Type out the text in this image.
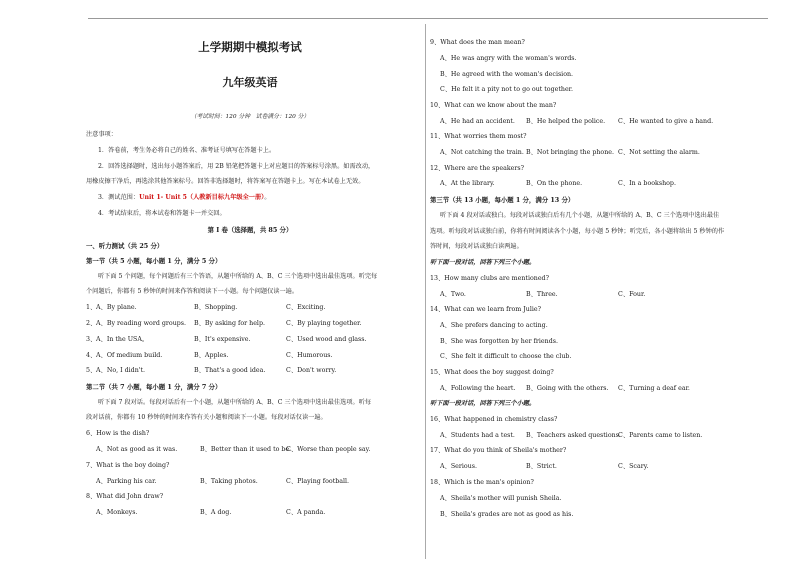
上学期期中模拟考试
九年级英语
（考试时间：120 分钟　试卷满分：120 分）
注意事项：
1．答卷前，考生务必将自己的姓名、准考证号填写在答题卡上。
2．回答选择题时，选出每小题答案后，用 2B 铅笔把答题卡上对应题目的答案标号涂黑。如需改动，
用橡皮擦干净后，再选涂其他答案标号。回答非选择题时，将答案写在答题卡上。写在本试卷上无效。
3．测试范围：Unit 1- Unit 5（人教新目标九年级全一册）。
4．考试结束后，将本试卷和答题卡一并交回。
第 I 卷（选择题，共 85 分）
一、听力测试（共 25 分）
第一节（共 5 小题，每小题 1 分，满分 5 分）
听下面 5 个问题，每个问题后有三个答语，从题中所给的 A、B、C 三个选项中选出最佳选项。听完每
个问题后，你都有 5 秒钟的时间来作答和阅读下一小题。每个问题仅读一遍。
1、 A、By plane.	B、Shopping.	C、Exciting.
2、 A、By reading word groups. B、By asking for help.	C、By playing together.
3、 A、In the USA。	B、It's expensive.	C、Used wood and glass.
4、 A、Of medium build.	B、Apples.	C、Humorous.
5、 A、No, I didn't.	B、That's a good idea.	C、Don't worry.
第二节（共 7 小题，每小题 1 分，满分 7 分）
听下面 7 段对话。每段对话后有一个小题，从题中所给的 A、B、C 三个选项中选出最佳选项。听每
段对话前，你都有 10 秒钟的时间来作答有关小题和阅读下一小题。每段对话仅读一遍。
6、How is the dish?
A、Not as good as it was.	B、Better than it used to be.
C、Worse than people say.
7、What is the boy doing?
A、Parking his car.	B、Taking photos.	C、Playing football.
8、What did John draw?
A、Monkeys.	B、A dog.	C、A panda.
9、What does the man mean?
A、He was angry with the woman's words.
B、He agreed with the woman's decision.
C、He felt it a pity not to go out together.
10、What can we know about the man?
A、He had an accident. B、He helped the police. C、He wanted to give a hand.
11、What worries them most?
A、Not catching the train. B、Not bringing the phone. C、Not setting the alarm.
12、Where are the speakers?
A、At the library.	B、On the phone.	C、In a bookshop.
第三节（共 13 小题，每小题 1 分，满分 13 分）
听下面 4 段对话或独白。每段对话或独白后有几个小题，从题中所给的 A、B、C 三个选项中选出最佳
选项。听每段对话或独白前，你将有时间阅读各个小题，每小题 5 秒钟；听完后，各小题将给出 5 秒钟的作
答时间，每段对话或独白读两遍。
听下面一段对话，回答下列三个小题。
13、How many clubs are mentioned?
A、Two.	B、Three.	C、Four.
14、What can we learn from Julie?
A、She prefers dancing to acting.
B、She was forgotten by her friends.
C、She felt it difficult to choose the club.
15、What does the boy suggest doing?
A、Following the heart. B、Going with the others. C、Turning a deaf ear.
听下面一段对话，回答下列三个小题。
16、What happened in chemistry class?
A、Students had a test. B、Teachers asked questions.
C、Parents came to listen.
17、What do you think of Sheila's mother?
A、Serious.	B、Strict.	C、Scary.
18、Which is the man's opinion?
A、Sheila's mother will punish Sheila.
B、Sheila's grades are not as good as his.
